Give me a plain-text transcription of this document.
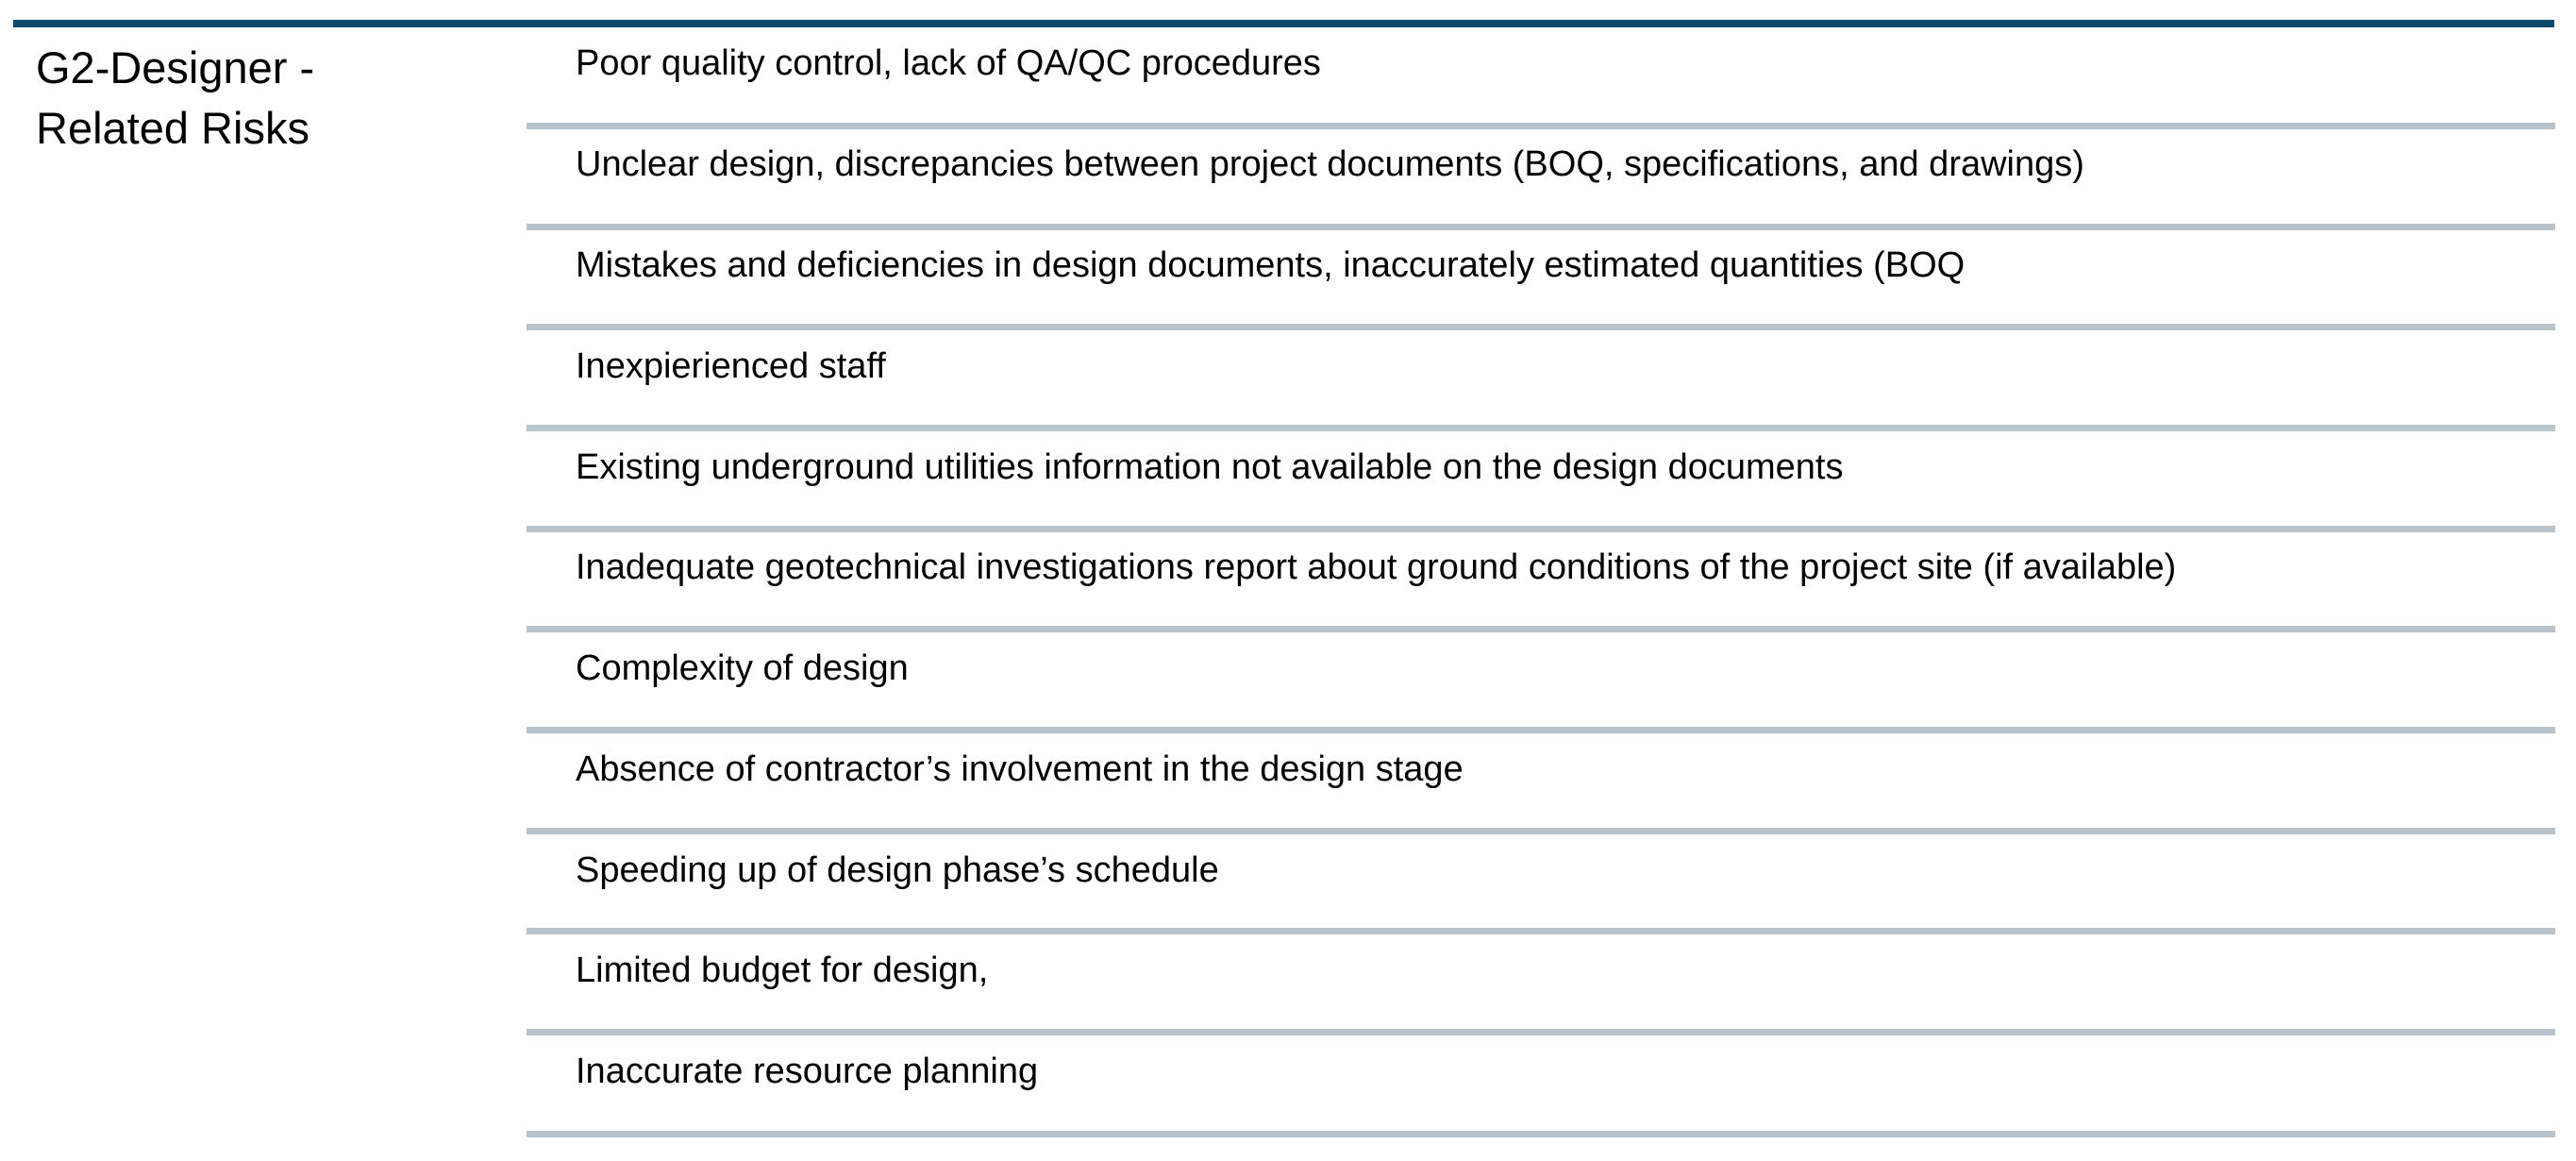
G2-Designer -
Related Risks
Poor quality control, lack of QA/QC procedures
Unclear design, discrepancies between project documents (BOQ, specifications, and drawings)
Mistakes and deficiencies in design documents, inaccurately estimated quantities (BOQ
Inexpierienced staff
Existing underground utilities information not available on the design documents
Inadequate geotechnical investigations report about ground conditions of the project site (if available)
Complexity of design
Absence of contractor’s involvement in the design stage
Speeding up of design phase’s schedule
Limited budget for design,
Inaccurate resource planning
